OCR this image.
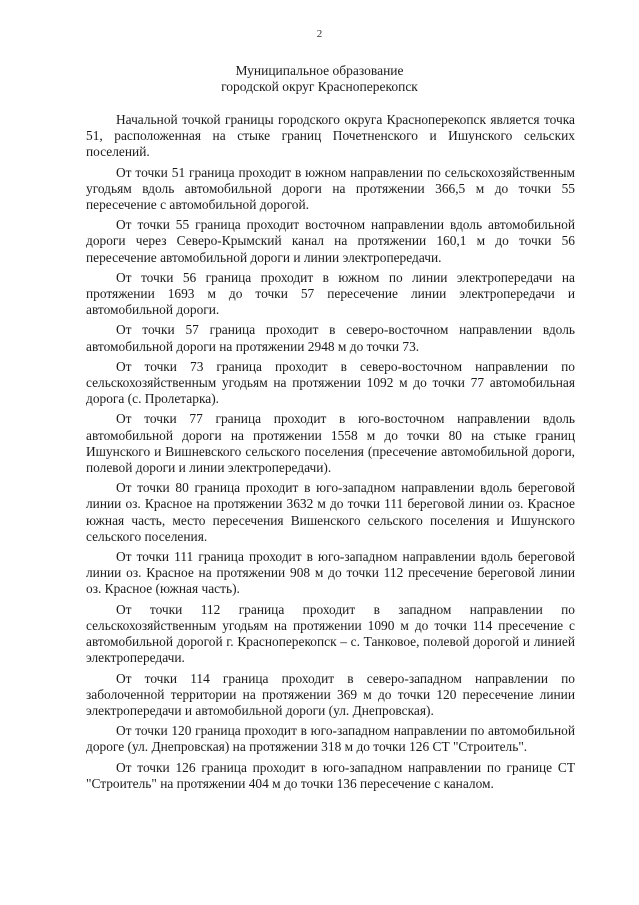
2
Муниципальное образование
городской округ Красноперекопск

Начальной точкой границы городского округа Красноперекопск является точка 51, расположенная на стыке границ Почетненского и Ишунского сельских поселений.

От точки 51 граница проходит в южном направлении по сельскохозяйственным угодьям вдоль автомобильной дороги на протяжении 366,5 м до точки 55 пересечение с автомобильной дорогой.

От точки 55 граница проходит восточном направлении вдоль автомобильной дороги через Северо-Крымский канал на протяжении 160,1 м до точки 56 пересечение автомобильной дороги и линии электропередачи.

От точки 56 граница проходит в южном по линии электропередачи на протяжении 1693 м до точки 57 пересечение линии электропередачи и автомобильной дороги.

От точки 57 граница проходит в северо-восточном направлении вдоль автомобильной дороги на протяжении 2948 м до точки 73.

От точки 73 граница проходит в северо-восточном направлении по сельскохозяйственным угодьям на протяжении 1092 м до точки 77 автомобильная дорога (с. Пролетарка).

От точки 77 граница проходит в юго-восточном направлении вдоль автомобильной дороги на протяжении 1558 м до точки 80 на стыке границ Ишунского и Вишневского сельского поселения (пресечение автомобильной дороги, полевой дороги и линии электропередачи).

От точки 80 граница проходит в юго-западном направлении вдоль береговой линии оз. Красное на протяжении 3632 м до точки 111 береговой линии оз. Красное южная часть, место пересечения Вишенского сельского поселения и Ишунского сельского поселения.

От точки 111 граница проходит в юго-западном направлении вдоль береговой линии оз. Красное на протяжении 908 м до точки 112 пресечение береговой линии оз. Красное (южная часть).

От точки 112 граница проходит в западном направлении по сельскохозяйственным угодьям на протяжении 1090 м до точки 114 пресечение с автомобильной дорогой г. Красноперекопск – с. Танковое, полевой дорогой и линией электропередачи.

От точки 114 граница проходит в северо-западном направлении по заболоченной территории на протяжении 369 м до точки 120 пересечение линии электропередачи и автомобильной дороги (ул. Днепровская).

От точки 120 граница проходит в юго-западном направлении по автомобильной дороге (ул. Днепровская) на протяжении 318 м до точки 126 СТ "Строитель".

От точки 126 граница проходит в юго-западном направлении по границе СТ "Строитель" на протяжении 404 м до точки 136 пересечение с каналом.
